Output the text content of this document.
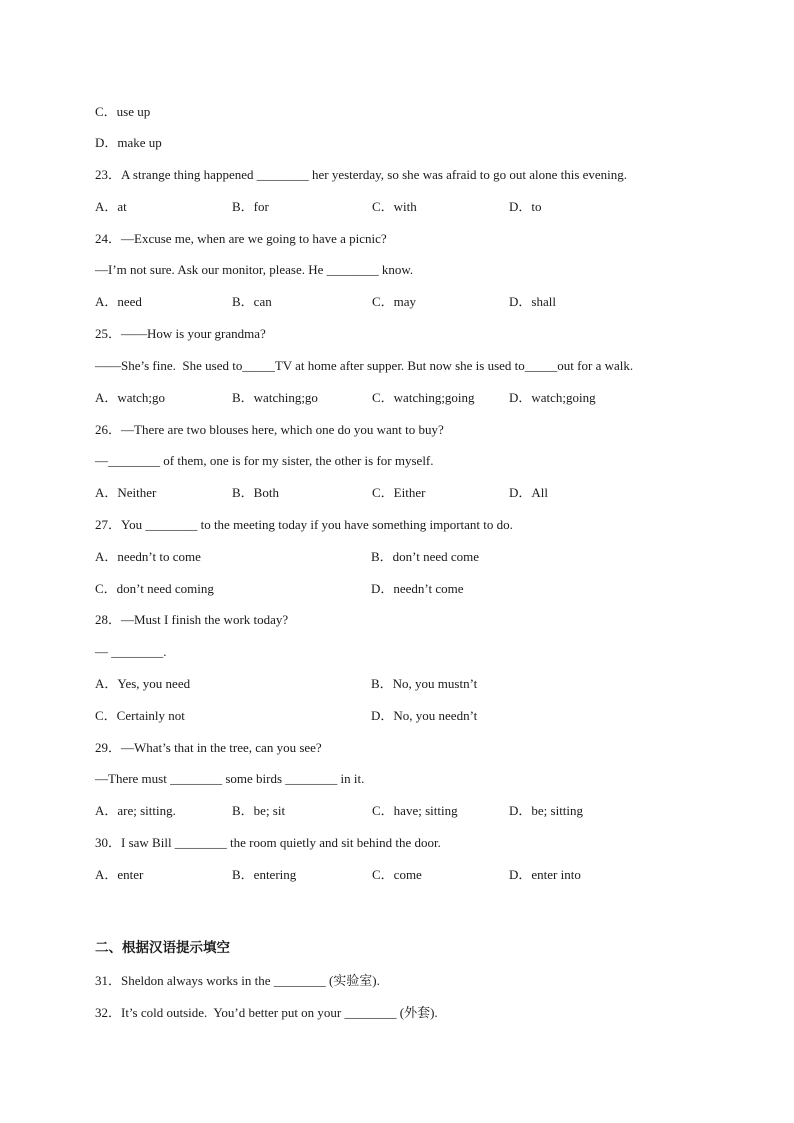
C．use up
D．make up
23．A strange thing happened ________ her yesterday, so she was afraid to go out alone this evening.
A．at	B．for	C．with	D．to
24．—Excuse me, when are we going to have a picnic?
—I’m not sure. Ask our monitor, please. He ________ know.
A．need	B．can	C．may	D．shall
25．——How is your grandma?
——She’s fine.  She used to_____TV at home after supper. But now she is used to_____out for a walk.
A．watch;go	B．watching;go	C．watching;going	D．watch;going
26．—There are two blouses here, which one do you want to buy?
—________ of them, one is for my sister, the other is for myself.
A．Neither	B．Both	C．Either	D．All
27．You ________ to the meeting today if you have something important to do.
A．needn’t to come	B．don’t need come
C．don’t need coming	D．needn’t come
28．—Must I finish the work today?
— ________.
A．Yes, you need	B．No, you mustn’t
C．Certainly not	D．No, you needn’t
29．—What’s that in the tree, can you see?
—There must ________ some birds ________ in it.
A．are; sitting.	B．be; sit	C．have; sitting	D．be; sitting
30．I saw Bill ________ the room quietly and sit behind the door.
A．enter	B．entering	C．come	D．enter into
二、根据汉语提示填空
31．Sheldon always works in the ________ (实验室).
32．It’s cold outside.  You’d better put on your ________ (外套).
